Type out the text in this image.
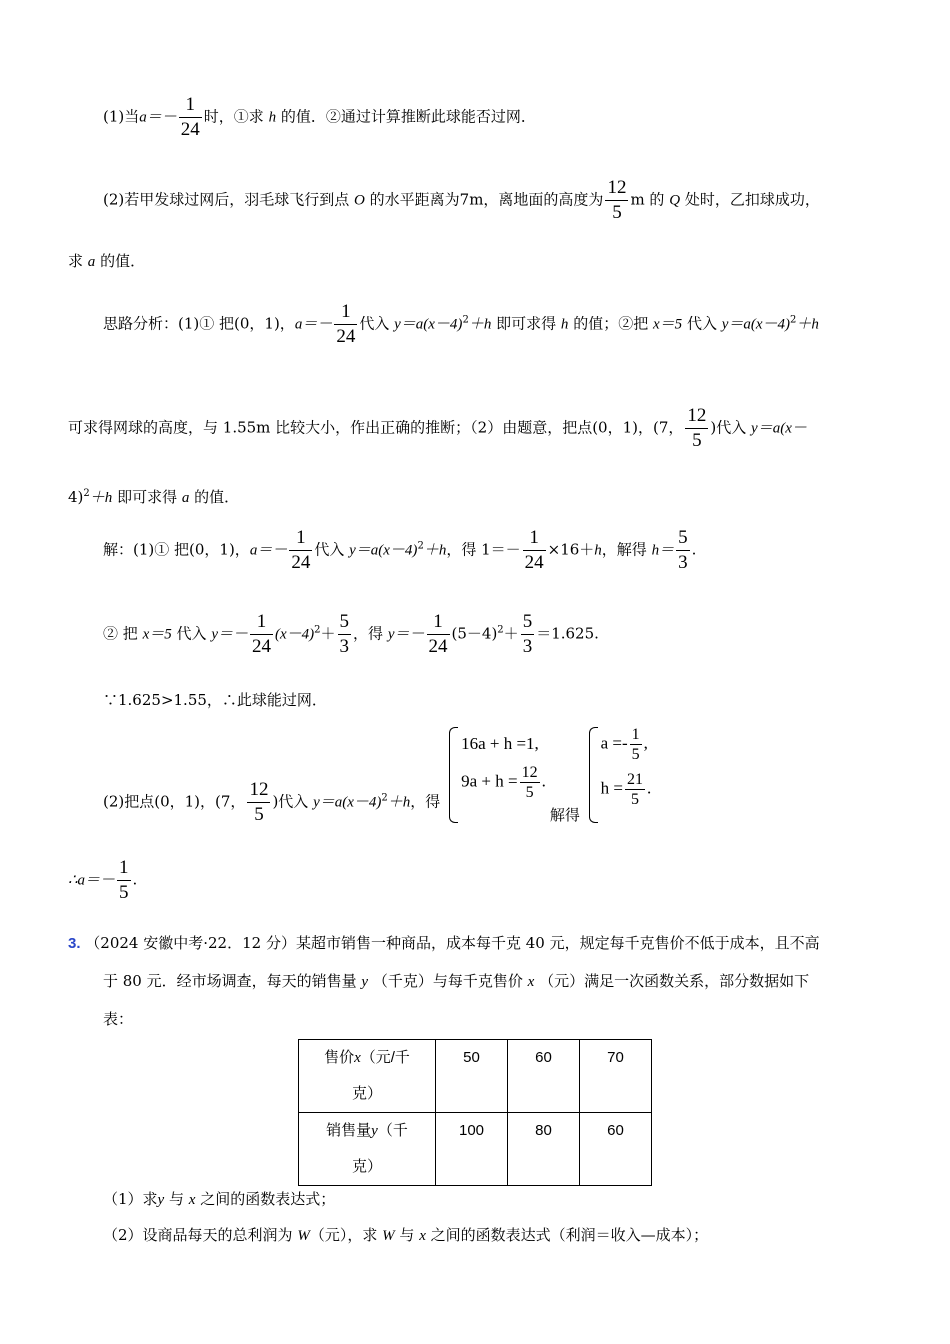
(1)当$a=- \frac{1}{24}$ 时，①求 h 的值．②通过计算推断此球能否过网．
(2)若甲发球过网后，羽毛球飞行到点 O 的水平距离为7m，离地面的高度为 $\frac{12}{5}$ m 的 Q 处时，乙扣球成功，
求 a 的值．
思路分析：(1)① 把(0，1)，$a=- \frac{1}{24}$ 代入 $y=a(x-4)^2+h$ 即可求得 h 的值；②把 x＝5 代入 $y=a(x-4)^2+h$
可求得网球的高度，与 1.55m 比较大小，作出正确的推断；（2）由题意，把点(0，1)，(7， $\frac{12}{5}$ )代入 y＝a(x－
4)$^2$＋h 即可求得 a 的值．
解：(1)① 把(0，1)，$a=- \frac{1}{24}$ 代入 $y=a(x-4)^2+h$，得 $1=- \frac{1}{24} \times 16+h$，解得 $h= \frac{5}{3}$ .
② 把 x＝5 代入 $y=- \frac{1}{24} (x-4)^2+ \frac{5}{3}$ ，得 $y=- \frac{1}{24} (5-4)^2+ \frac{5}{3} =1.625$.
∵1.625>1.55，∴此球能过网．
(2)把点(0，1)，(7， $\frac{12}{5}$ )代入 $y=a(x-4)^2+h$，得
16a + h =1,
$9a + h = \frac{12}{5}$ .
解得
$a =- \frac{1}{5}$ ,
$h = \frac{21}{5}$ .
∴a＝－ $\frac{1}{5}$ .
3. （2024 安徽中考·22．12 分）某超市销售一种商品，成本每千克 40 元，规定每千克售价不低于成本，且不高
于 80 元．经市场调查，每天的销售量 y （千克）与每千克售价 x （元）满足一次函数关系，部分数据如下
表：
售价x（元/千
克）	50	60	70

销售量y（千
克）	100	80	60
（1）求y 与 x 之间的函数表达式；
（2）设商品每天的总利润为 W（元），求 W 与 x 之间的函数表达式（利润＝收入—成本）；
